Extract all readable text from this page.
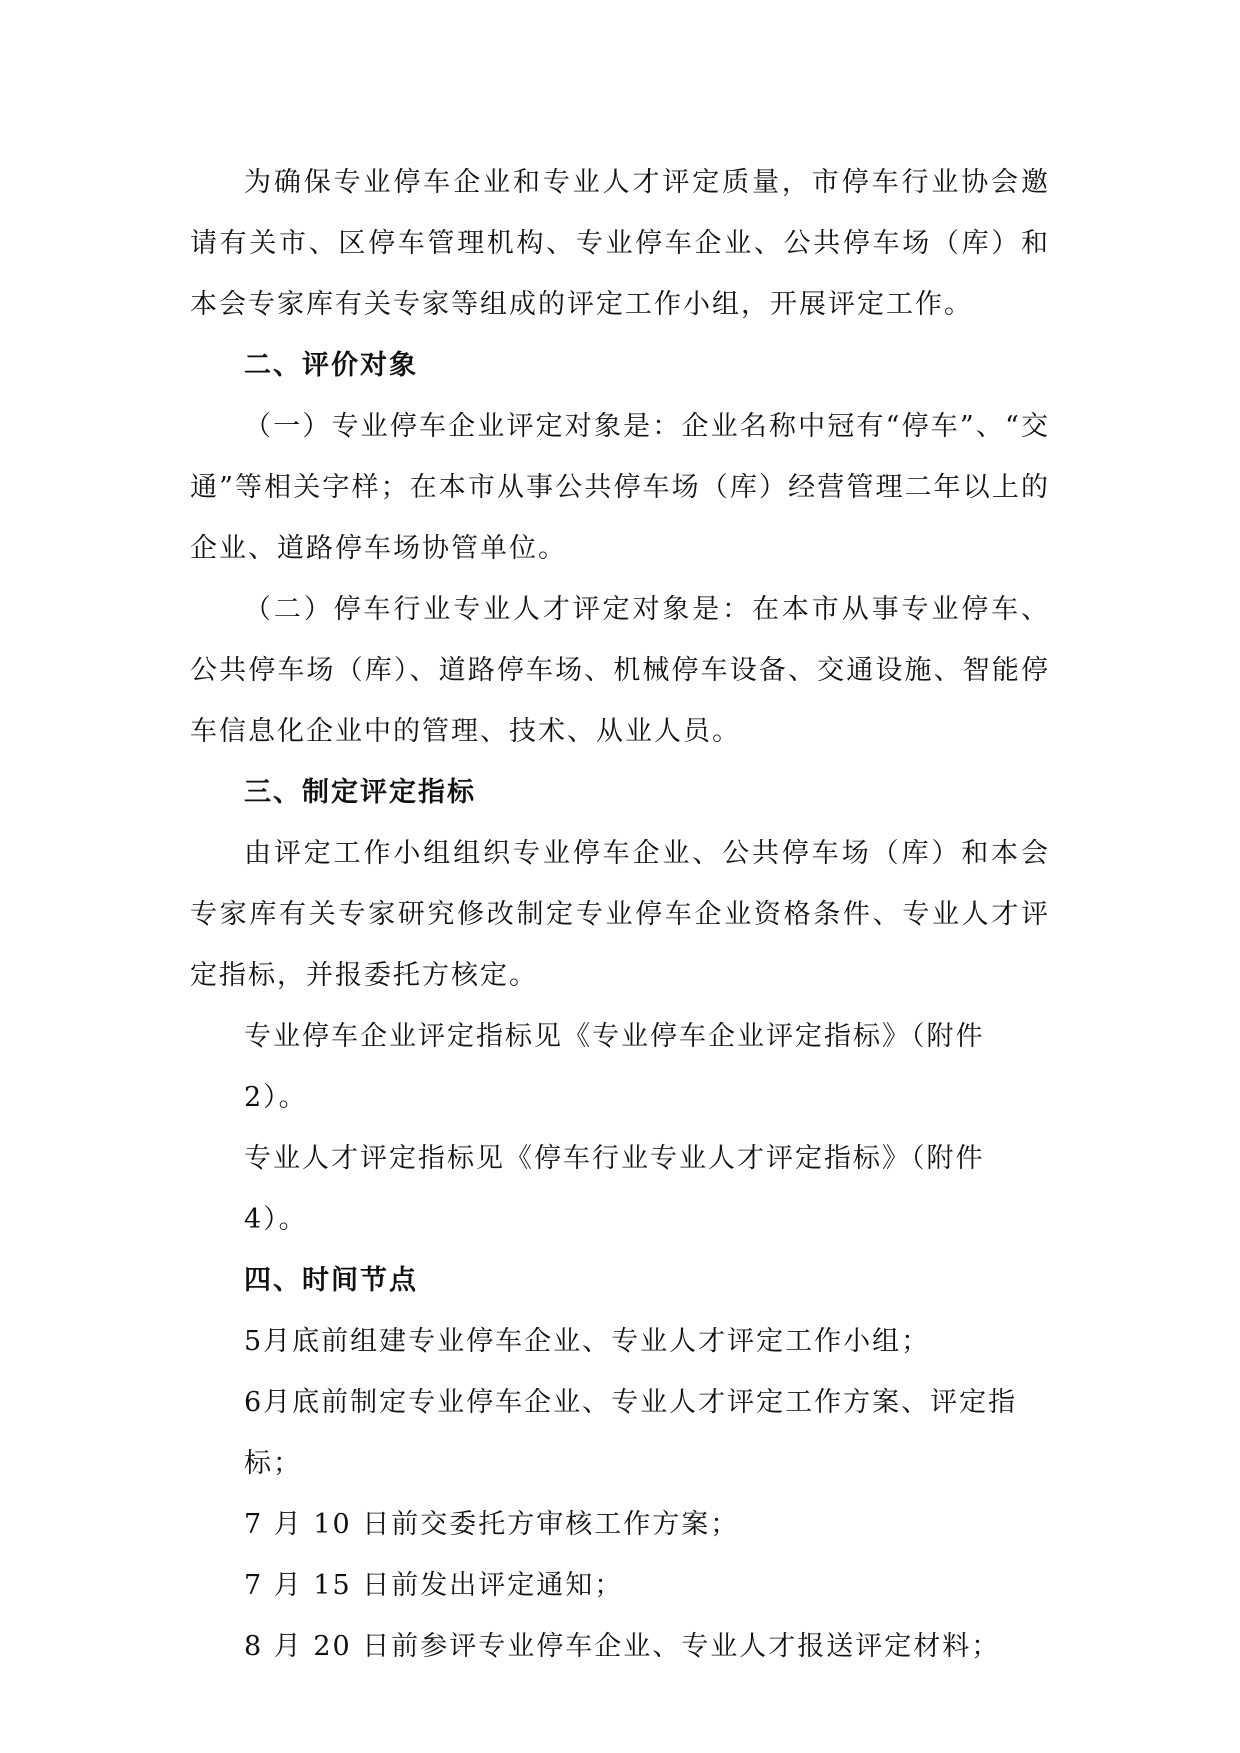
为确保专业停车企业和专业人才评定质量，市停车行业协会邀请有关市、区停车管理机构、专业停车企业、公共停车场（库）和本会专家库有关专家等组成的评定工作小组，开展评定工作。

二、评价对象

（一）专业停车企业评定对象是：企业名称中冠有“停车”、“交通”等相关字样；在本市从事公共停车场（库）经营管理二年以上的企业、道路停车场协管单位。

（二）停车行业专业人才评定对象是：在本市从事专业停车、公共停车场（库）、道路停车场、机械停车设备、交通设施、智能停车信息化企业中的管理、技术、从业人员。

三、制定评定指标

由评定工作小组组织专业停车企业、公共停车场（库）和本会专家库有关专家研究修改制定专业停车企业资格条件、专业人才评定指标，并报委托方核定。

专业停车企业评定指标见《专业停车企业评定指标》（附件 2）。

专业人才评定指标见《停车行业专业人才评定指标》（附件 4）。

四、时间节点

5月底前组建专业停车企业、专业人才评定工作小组；

6月底前制定专业停车企业、专业人才评定工作方案、评定指标；

7 月 10 日前交委托方审核工作方案；

7 月 15 日前发出评定通知；

8 月 20 日前参评专业停车企业、专业人才报送评定材料；
